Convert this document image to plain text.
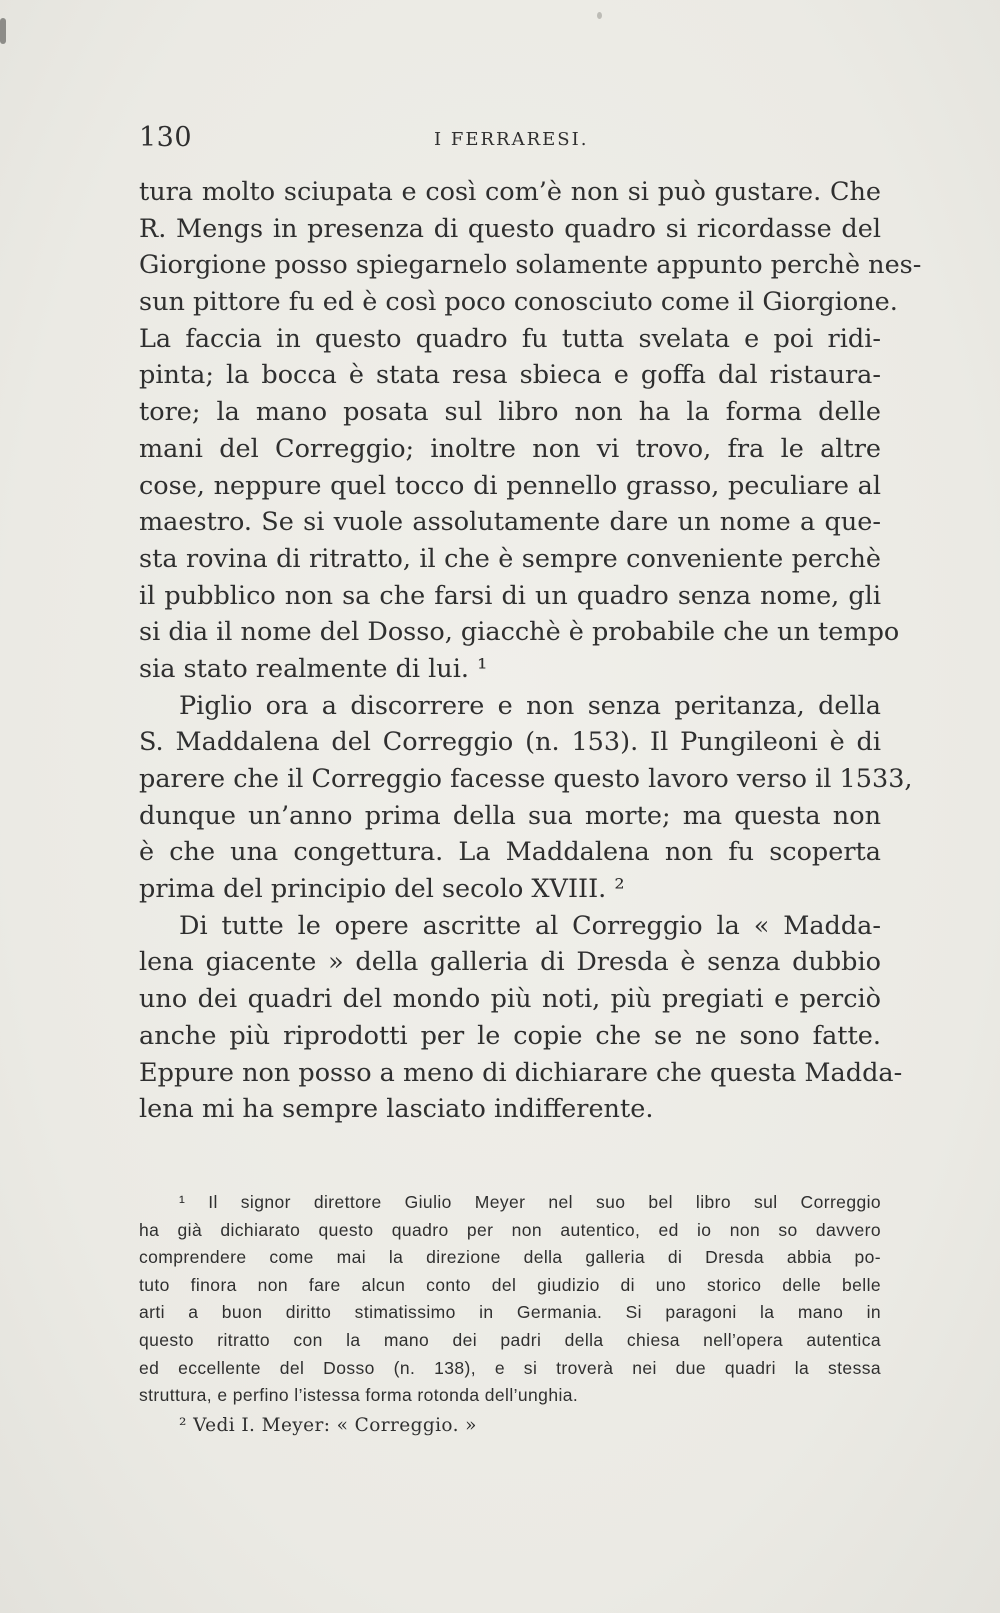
130	I FERRARESI.
tura molto sciupata e così com’è non si può gustare. Che
R. Mengs in presenza di questo quadro si ricordasse del
Giorgione posso spiegarnelo solamente appunto perchè nes-
sun pittore fu ed è così poco conosciuto come il Giorgione.
La faccia in questo quadro fu tutta svelata e poi ridi-
pinta; la bocca è stata resa sbieca e goffa dal ristaura-
tore; la mano posata sul libro non ha la forma delle
mani del Correggio; inoltre non vi trovo, fra le altre
cose, neppure quel tocco di pennello grasso, peculiare al
maestro. Se si vuole assolutamente dare un nome a que-
sta rovina di ritratto, il che è sempre conveniente perchè
il pubblico non sa che farsi di un quadro senza nome, gli
si dia il nome del Dosso, giacchè è probabile che un tempo
sia stato realmente di lui. ¹
Piglio ora a discorrere e non senza peritanza, della
S. Maddalena del Correggio (n. 153). Il Pungileoni è di
parere che il Correggio facesse questo lavoro verso il 1533,
dunque un’anno prima della sua morte; ma questa non
è che una congettura. La Maddalena non fu scoperta
prima del principio del secolo XVIII. ²
Di tutte le opere ascritte al Correggio la « Madda-
lena giacente » della galleria di Dresda è senza dubbio
uno dei quadri del mondo più noti, più pregiati e perciò
anche più riprodotti per le copie che se ne sono fatte.
Eppure non posso a meno di dichiarare che questa Madda-
lena mi ha sempre lasciato indifferente.
¹ Il signor direttore Giulio Meyer nel suo bel libro sul Correggio
ha già dichiarato questo quadro per non autentico, ed io non so davvero
comprendere come mai la direzione della galleria di Dresda abbia po-
tuto finora non fare alcun conto del giudizio di uno storico delle belle
arti a buon diritto stimatissimo in Germania. Si paragoni la mano in
questo ritratto con la mano dei padri della chiesa nell’opera autentica
ed eccellente del Dosso (n. 138), e si troverà nei due quadri la stessa
struttura, e perfino l’istessa forma rotonda dell’unghia.
² Vedi I. Meyer: « Correggio. »
